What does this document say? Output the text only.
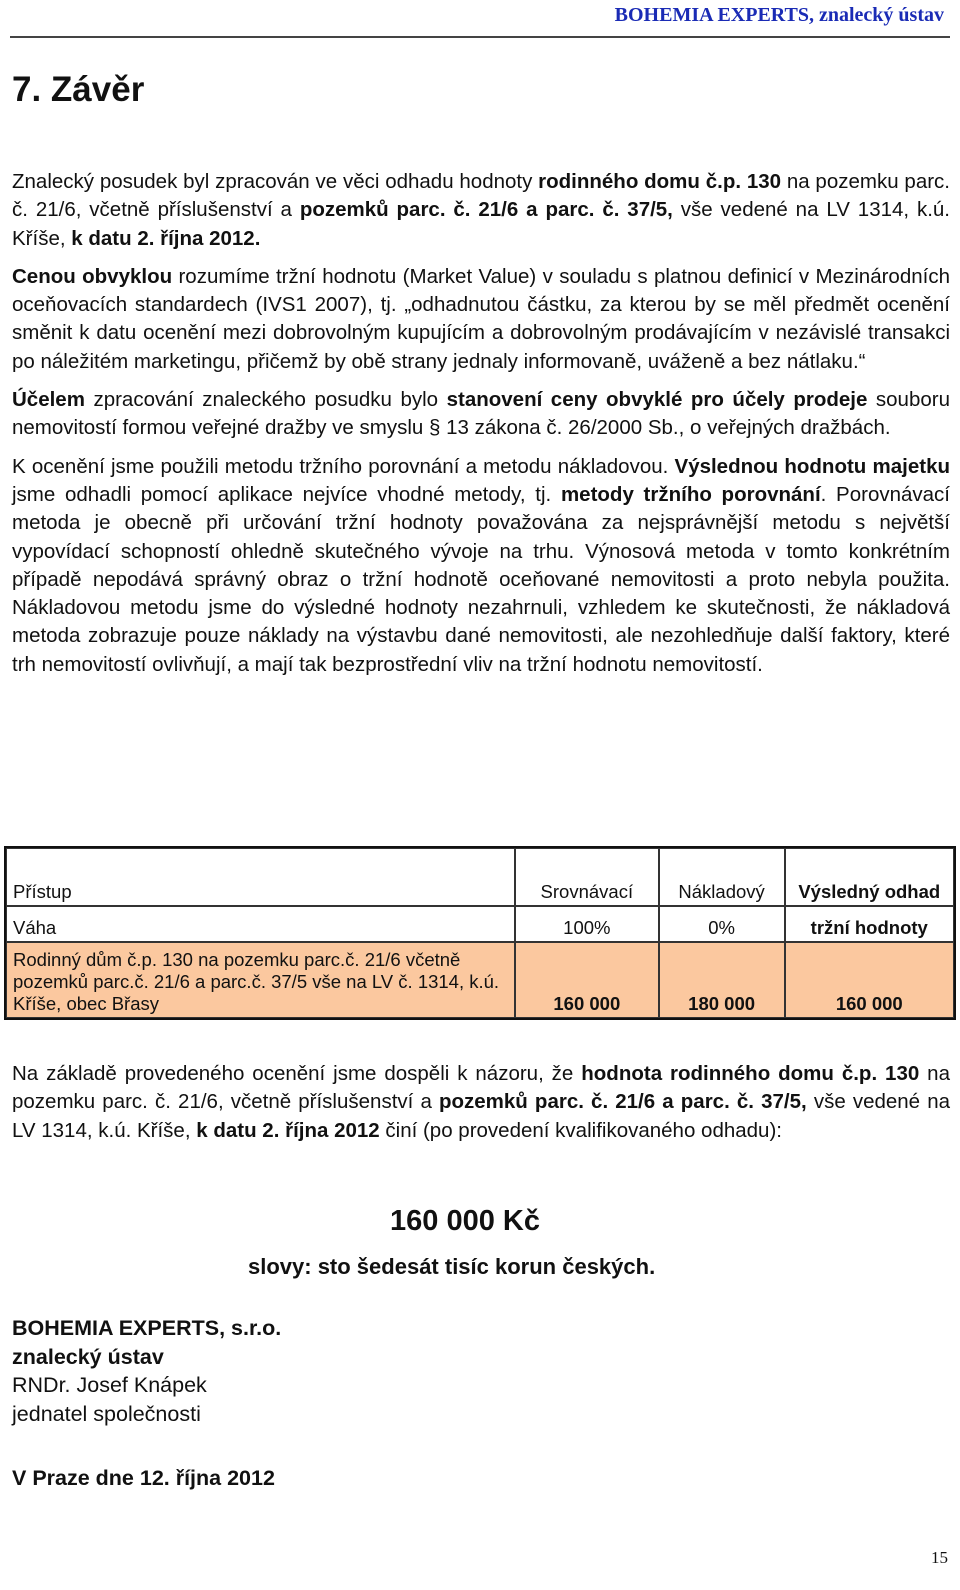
BOHEMIA EXPERTS, znalecký ústav
7. Závěr

Znalecký posudek byl zpracován ve věci odhadu hodnoty rodinného domu č.p. 130 na pozemku parc. č. 21/6, včetně příslušenství a pozemků parc. č. 21/6 a parc. č. 37/5, vše vedené na LV 1314, k.ú. Kříše, k datu 2. října 2012.

Cenou obvyklou rozumíme tržní hodnotu (Market Value) v souladu s platnou definicí v Mezinárodních oceňovacích standardech (IVS1 2007), tj. „odhadnutou částku, za kterou by se měl předmět ocenění směnit k datu ocenění mezi dobrovolným kupujícím a dobrovolným prodávajícím v nezávislé transakci po náležitém marketingu, přičemž by obě strany jednaly informovaně, uváženě a bez nátlaku.“

Účelem zpracování znaleckého posudku bylo stanovení ceny obvyklé pro účely prodeje souboru nemovitostí formou veřejné dražby ve smyslu § 13 zákona č. 26/2000 Sb., o veřejných dražbách.

K ocenění jsme použili metodu tržního porovnání a metodu nákladovou. Výslednou hodnotu majetku jsme odhadli pomocí aplikace nejvíce vhodné metody, tj. metody tržního porovnání. Porovnávací metoda je obecně při určování tržní hodnoty považována za nejsprávnější metodu s největší vypovídací schopností ohledně skutečného vývoje na trhu. Výnosová metoda v tomto konkrétním případě nepodává správný obraz o tržní hodnotě oceňované nemovitosti a proto nebyla použita. Nákladovou metodu jsme do výsledné hodnoty nezahrnuli, vzhledem ke skutečnosti, že nákladová metoda zobrazuje pouze náklady na výstavbu dané nemovitosti, ale nezohledňuje další faktory, které trh nemovitostí ovlivňují, a mají tak bezprostřední vliv na tržní hodnotu nemovitostí.

Přístup	Srovnávací	Nákladový	Výsledný odhad
Váha	100%	0%	tržní hodnoty
Rodinný dům č.p. 130 na pozemku parc.č. 21/6 včetně pozemků parc.č. 21/6 a parc.č. 37/5 vše na LV č. 1314, k.ú. Kříše, obec Břasy	160 000	180 000	160 000

Na základě provedeného ocenění jsme dospěli k názoru, že hodnota rodinného domu č.p. 130 na pozemku parc. č. 21/6, včetně příslušenství a pozemků parc. č. 21/6 a parc. č. 37/5, vše vedené na LV 1314, k.ú. Kříše, k datu 2. října 2012 činí (po provedení kvalifikovaného odhadu):

160 000 Kč
slovy: sto šedesát tisíc korun českých.
BOHEMIA EXPERTS, s.r.o.
znalecký ústav
RNDr. Josef Knápek
jednatel společnosti
V Praze dne 12. října 2012
15
